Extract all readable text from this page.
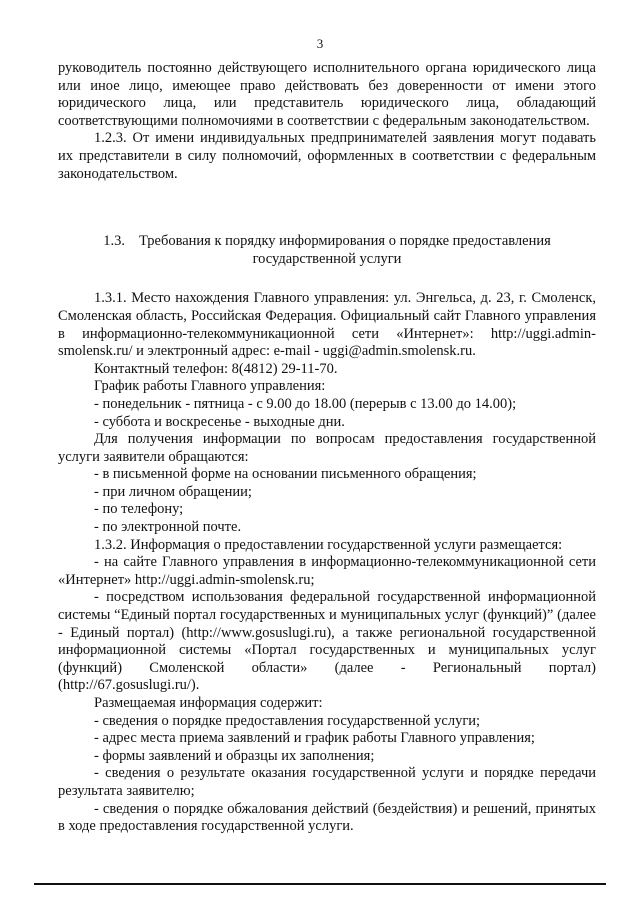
3

руководитель постоянно действующего исполнительного органа юридического лица или иное лицо, имеющее право действовать без доверенности от имени этого юридического лица, или представитель юридического лица, обладающий соответствующими полномочиями в соответствии с федеральным законодательством.

1.2.3. От имени индивидуальных предпринимателей заявления могут подавать их представители в силу полномочий, оформленных в соответствии с федеральным законодательством.

1.3. Требования к порядку информирования о порядке предоставления
государственной услуги

1.3.1. Место нахождения Главного управления: ул. Энгельса, д. 23, г. Смоленск, Смоленская область, Российская Федерация. Официальный сайт Главного управления в информационно-телекоммуникационной сети «Интернет»: http://uggi.admin-smolensk.ru/ и электронный адрес: e-mail - uggi@admin.smolensk.ru.

Контактный телефон: 8(4812) 29-11-70.

График работы Главного управления:

- понедельник - пятница - с 9.00 до 18.00 (перерыв с 13.00 до 14.00);

- суббота и воскресенье - выходные дни.

Для получения информации по вопросам предоставления государственной услуги заявители обращаются:

- в письменной форме на основании письменного обращения;

- при личном обращении;

- по телефону;

- по электронной почте.

1.3.2. Информация о предоставлении государственной услуги размещается:

- на сайте Главного управления в информационно-телекоммуникационной сети «Интернет» http://uggi.admin-smolensk.ru;

- посредством использования федеральной государственной информационной системы “Единый портал государственных и муниципальных услуг (функций)” (далее - Единый портал) (http://www.gosuslugi.ru), а также региональной государственной информационной системы «Портал государственных и муниципальных услуг (функций) Смоленской области» (далее - Региональный портал) (http://67.gosuslugi.ru/).

Размещаемая информация содержит:

- сведения о порядке предоставления государственной услуги;

- адрес места приема заявлений и график работы Главного управления;

- формы заявлений и образцы их заполнения;

- сведения о результате оказания государственной услуги и порядке передачи результата заявителю;

- сведения о порядке обжалования действий (бездействия) и решений, принятых в ходе предоставления государственной услуги.
